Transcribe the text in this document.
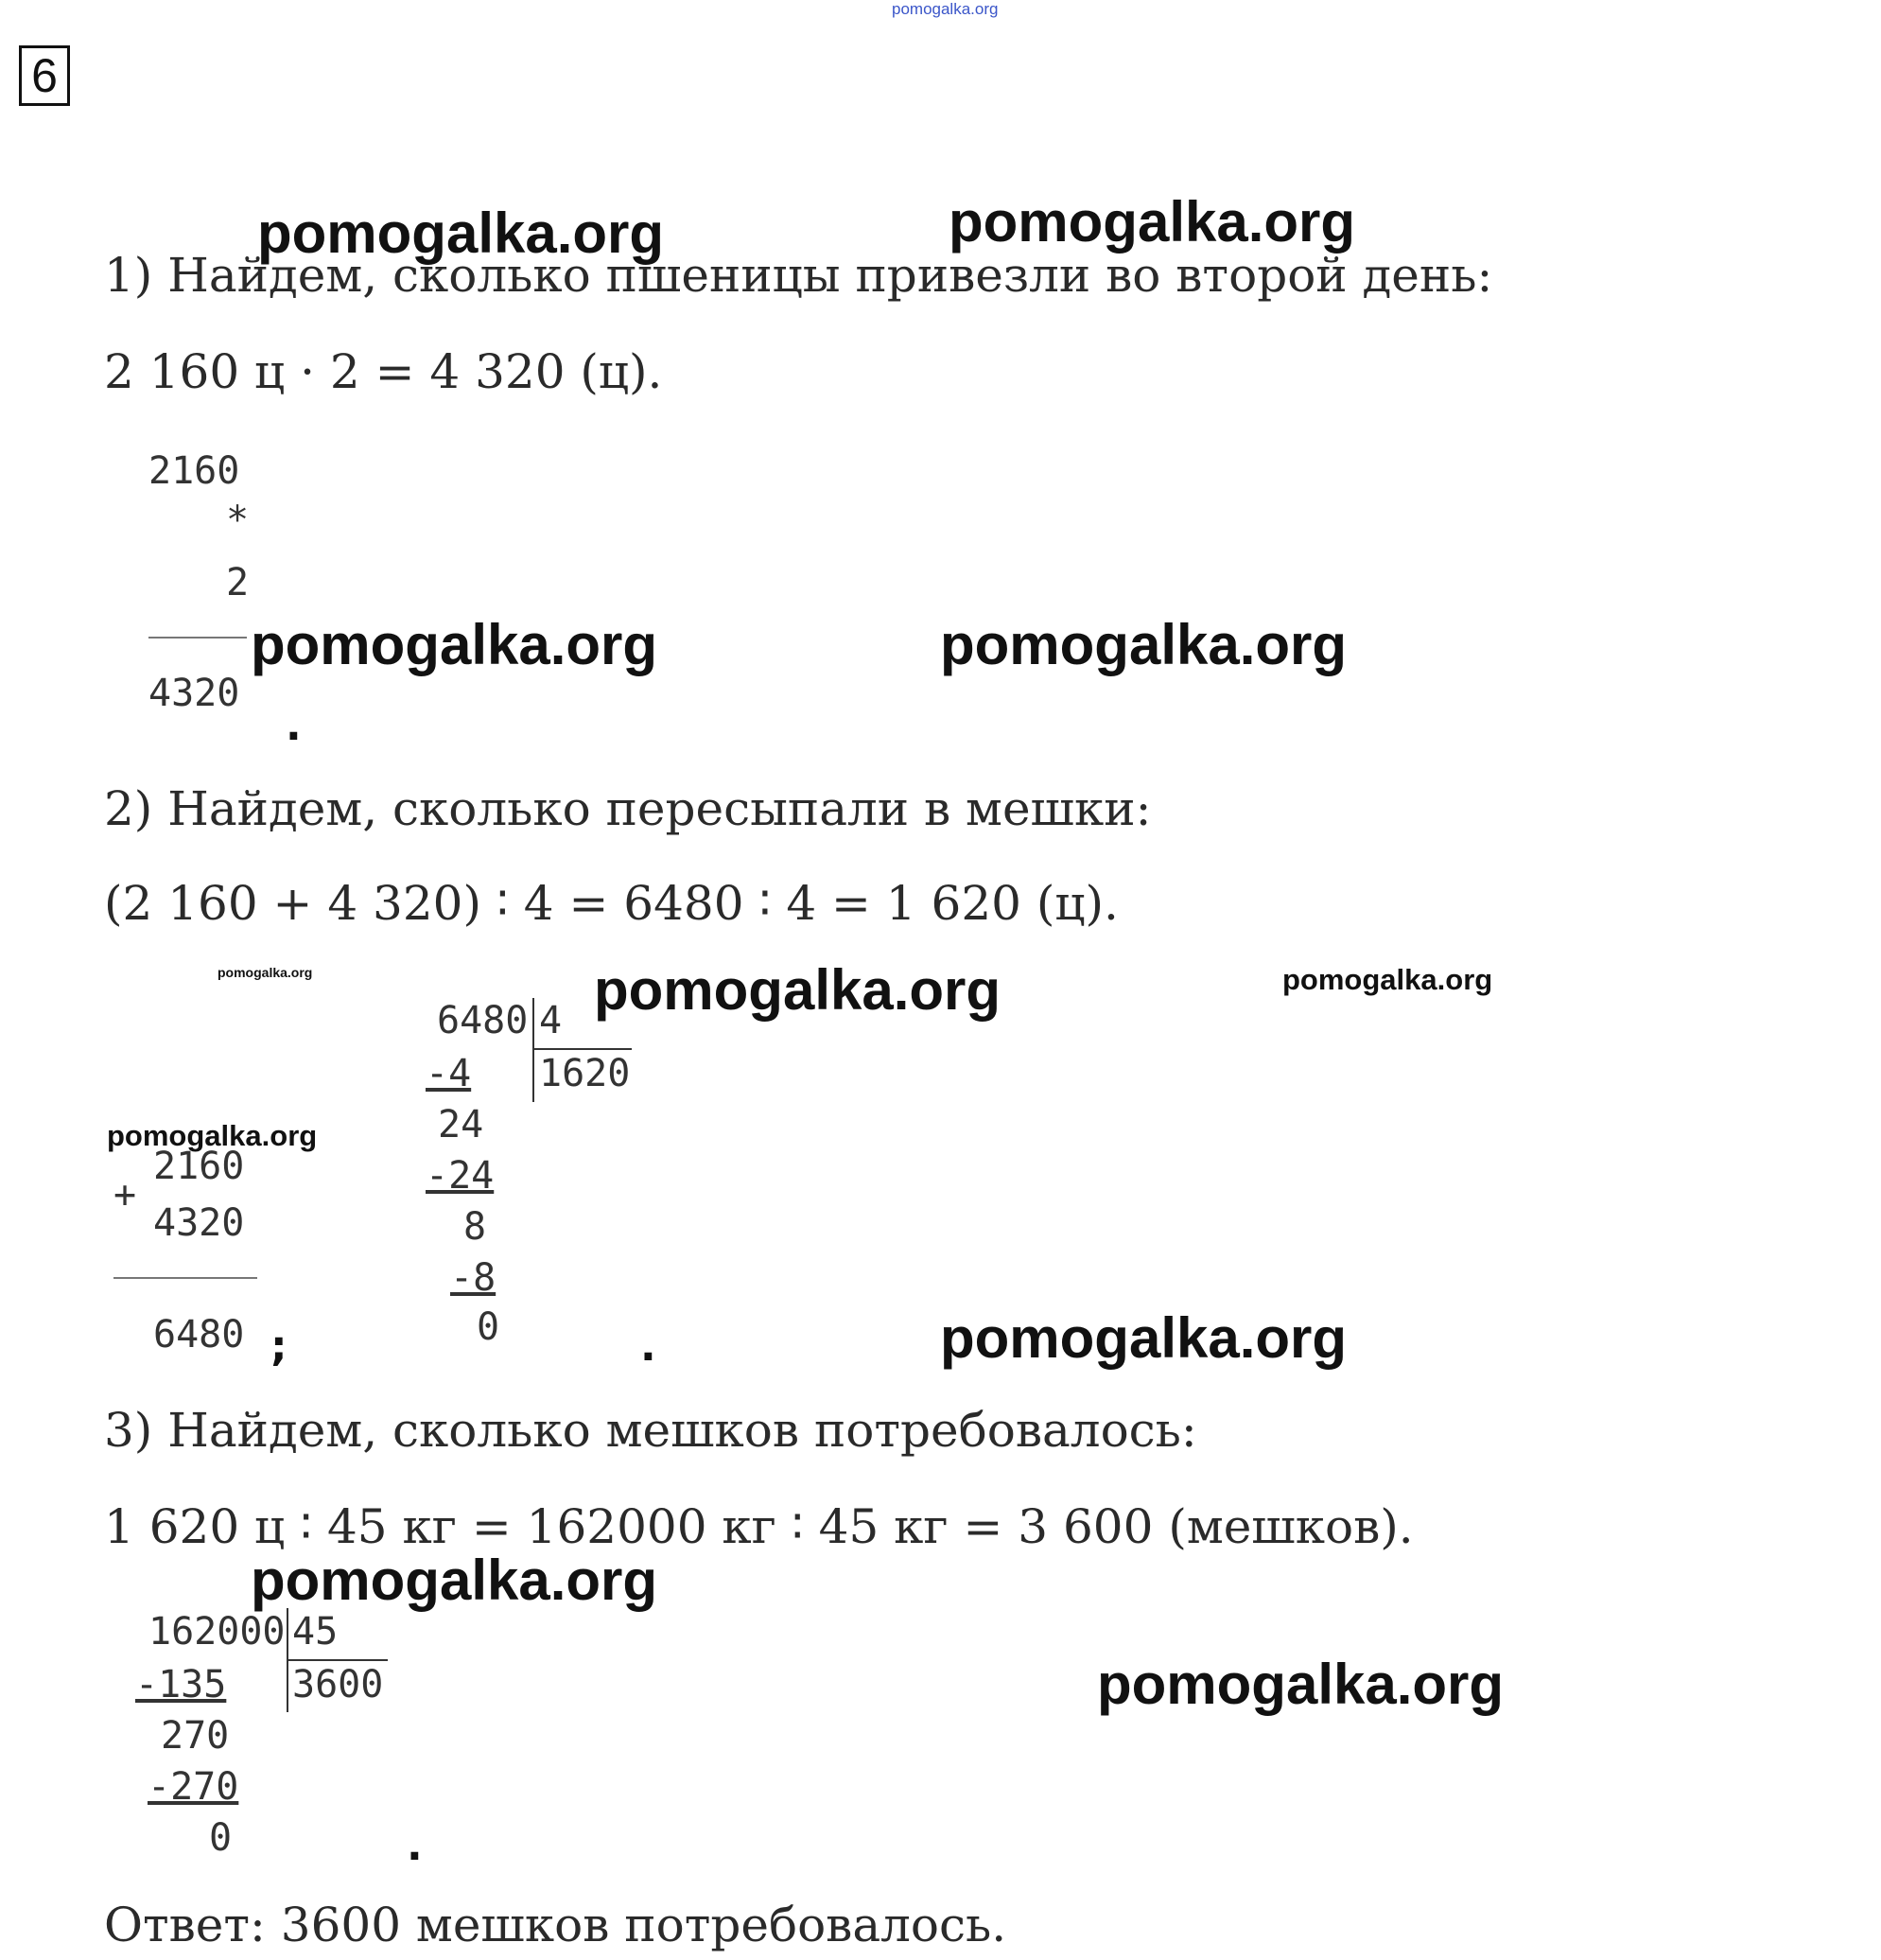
pomogalka.org
6
1) Найдем, сколько пшеницы привезли во второй день:
2 160 ц · 2 = 4 320 (ц).
2160
*
2
4320
.
2) Найдем, сколько пересыпали в мешки:
(2 160 + 4 320) ∶ 4 = 6480 ∶ 4 = 1 620 (ц).
2160
+
4320
6480 ;
6480 4
1620
-4
24
-24
8
-8
0	.
3) Найдем, сколько мешков потребовалось:
1 620 ц ∶ 45 кг = 162000 кг ∶ 45 кг = 3 600 (мешков).
162000 45
3600
-135
270
-270
0	.
Ответ: 3600 мешков потребовалось.
pomogalka.org	pomogalka.org
pomogalka.org	pomogalka.org
pomogalka.org	pomogalka.org	pomogalka.org
pomogalka.org
pomogalka.org
pomogalka.org
pomogalka.org
